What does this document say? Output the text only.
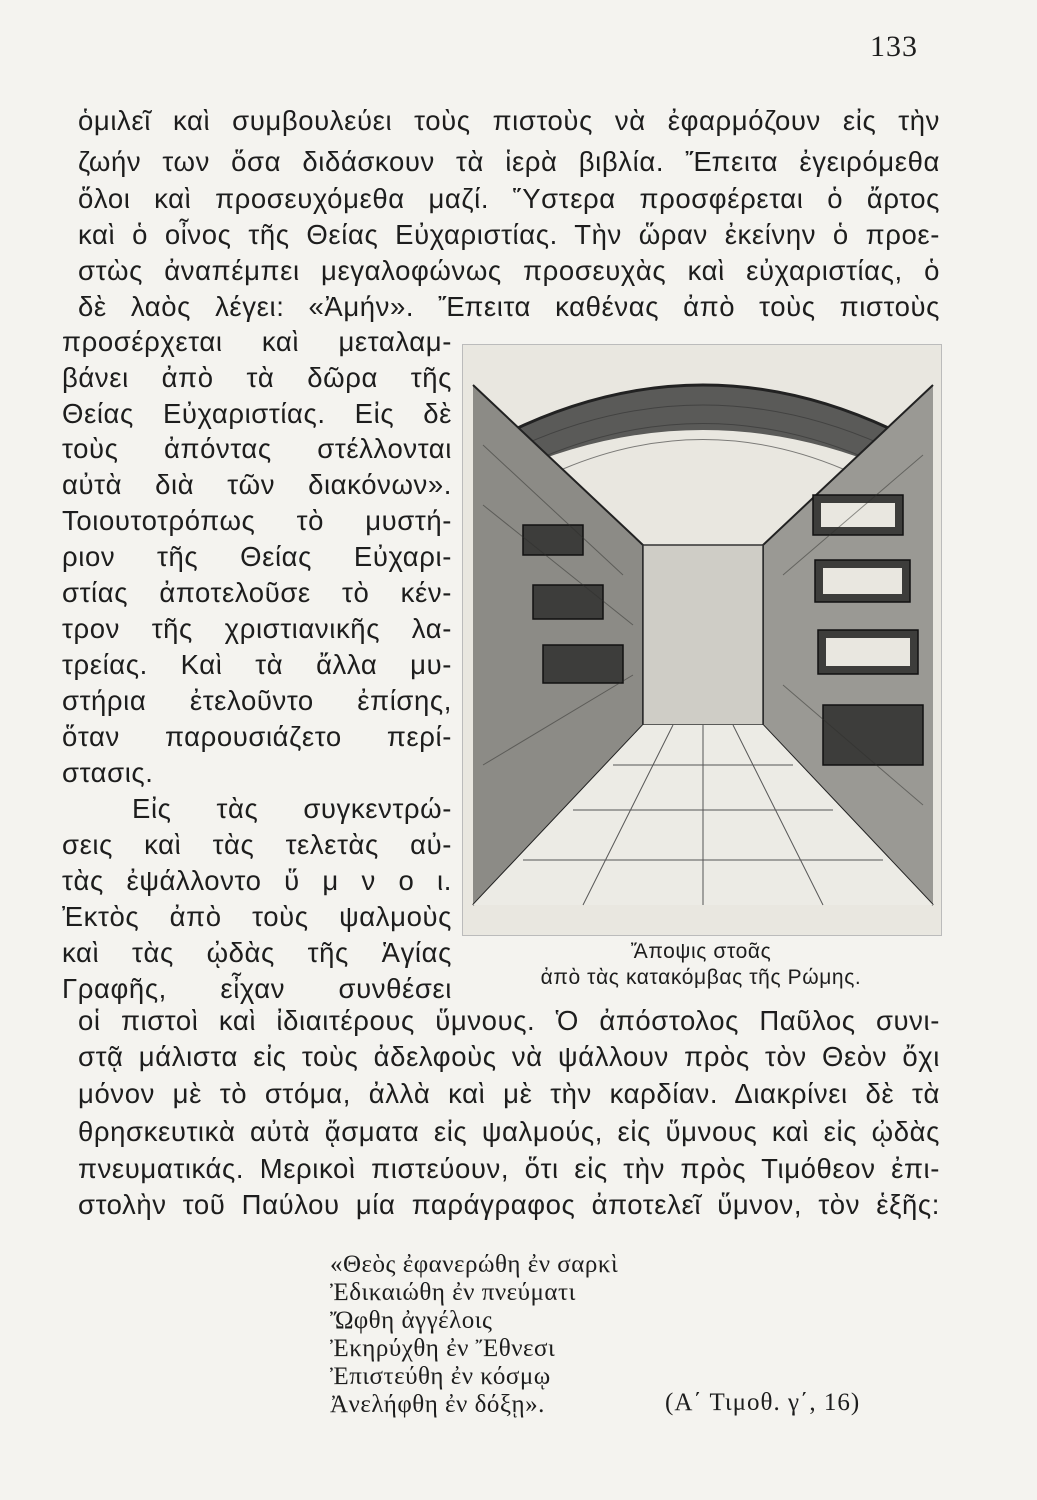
133
ὁμιλεῖ καὶ συμβουλεύει τοὺς πιστοὺς νὰ ἐφαρμόζουν εἰς τὴν
ζωήν των ὅσα διδάσκουν τὰ ἱερὰ βιβλία. Ἔπειτα ἐγειρόμεθα
ὅλοι καὶ προσευχόμεθα μαζί. Ὕστερα προσφέρεται ὁ ἄρτος
καὶ ὁ οἶνος τῆς Θείας Εὐχαριστίας. Τὴν ὥραν ἐκείνην ὁ προε-
στὼς ἀναπέμπει μεγαλοφώνως προσευχὰς καὶ εὐχαριστίας, ὁ
δὲ λαὸς λέγει: «Ἀμήν». Ἔπειτα καθένας ἀπὸ τοὺς πιστοὺς
προσέρχεται καὶ μεταλαμ-
βάνει ἀπὸ τὰ δῶρα τῆς
Θείας Εὐχαριστίας. Εἰς δὲ
τοὺς ἀπόντας στέλλονται
αὐτὰ διὰ τῶν διακόνων».
Τοιουτοτρόπως τὸ μυστή-
ριον τῆς Θείας Εὐχαρι-
στίας ἀποτελοῦσε τὸ κέν-
τρον τῆς χριστιανικῆς λα-
τρείας. Καὶ τὰ ἄλλα μυ-
στήρια ἐτελοῦντο ἐπίσης,
ὅταν παρουσιάζετο περί-
στασις.
Εἰς τὰς συγκεντρώ-
σεις καὶ τὰς τελετὰς αὐ-
τὰς ἐψάλλοντο ὕ μ ν ο ι.
Ἐκτὸς ἀπὸ τοὺς ψαλμοὺς
καὶ τὰς ᾠδὰς τῆς Ἁγίας
Γραφῆς, εἶχαν συνθέσει
Ἄποψις στοᾶς
ἀπὸ τὰς κατακόμβας τῆς Ρώμης.
οἱ πιστοὶ καὶ ἰδιαιτέρους ὕμνους. Ὁ ἀπόστολος Παῦλος συνι-
στᾷ μάλιστα εἰς τοὺς ἀδελφοὺς νὰ ψάλλουν πρὸς τὸν Θεὸν ὄχι
μόνον μὲ τὸ στόμα, ἀλλὰ καὶ μὲ τὴν καρδίαν. Διακρίνει δὲ τὰ
θρησκευτικὰ αὐτὰ ᾄσματα εἰς ψαλμούς, εἰς ὕμνους καὶ εἰς ᾠδὰς
πνευματικάς. Μερικοὶ πιστεύουν, ὅτι εἰς τὴν πρὸς Τιμόθεον ἐπι-
στολὴν τοῦ Παύλου μία παράγραφος ἀποτελεῖ ὕμνον, τὸν ἑξῆς:
«Θεὸς ἐφανερώθη ἐν σαρκὶ
Ἐδικαιώθη ἐν πνεύματι
Ὤφθη ἀγγέλοις
Ἐκηρύχθη ἐν Ἔθνεσι
Ἐπιστεύθη ἐν κόσμῳ
Ἀνελήφθη ἐν δόξῃ».	(Α΄ Τιμοθ. γ΄, 16)
